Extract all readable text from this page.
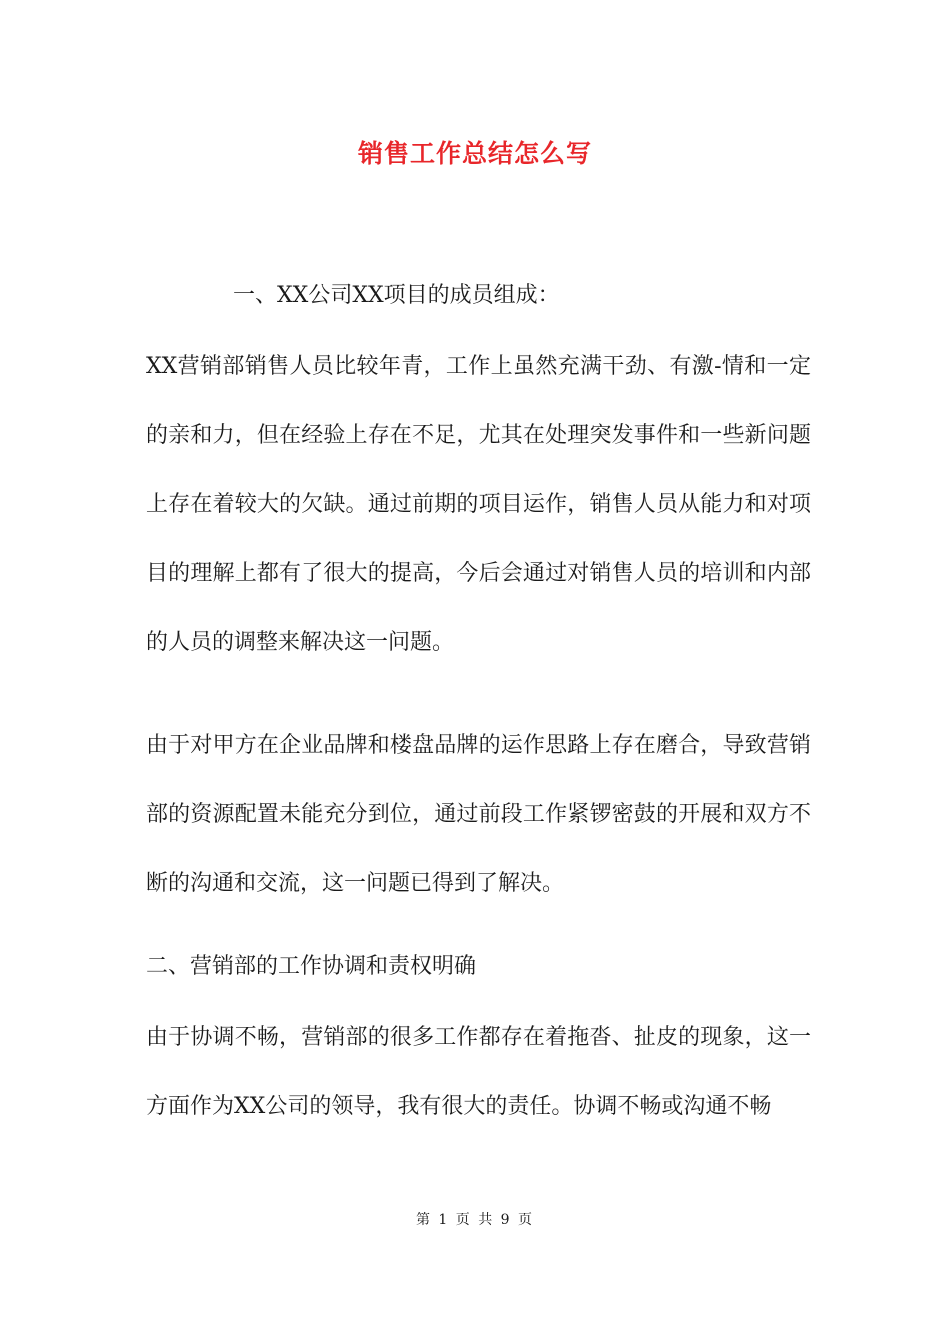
销售工作总结怎么写
一、XX公司XX项目的成员组成：
XX营销部销售人员比较年青，工作上虽然充满干劲、有激-情和一定的亲和力，但在经验上存在不足，尤其在处理突发事件和一些新问题上存在着较大的欠缺。通过前期的项目运作，销售人员从能力和对项目的理解上都有了很大的提高，今后会通过对销售人员的培训和内部的人员的调整来解决这一问题。
由于对甲方在企业品牌和楼盘品牌的运作思路上存在磨合，导致营销部的资源配置未能充分到位，通过前段工作紧锣密鼓的开展和双方不断的沟通和交流，这一问题已得到了解决。
二、营销部的工作协调和责权明确
由于协调不畅，营销部的很多工作都存在着拖沓、扯皮的现象，这一方面作为XX公司的领导，我有很大的责任。协调不畅或沟通不畅
第 1 页 共 9 页
